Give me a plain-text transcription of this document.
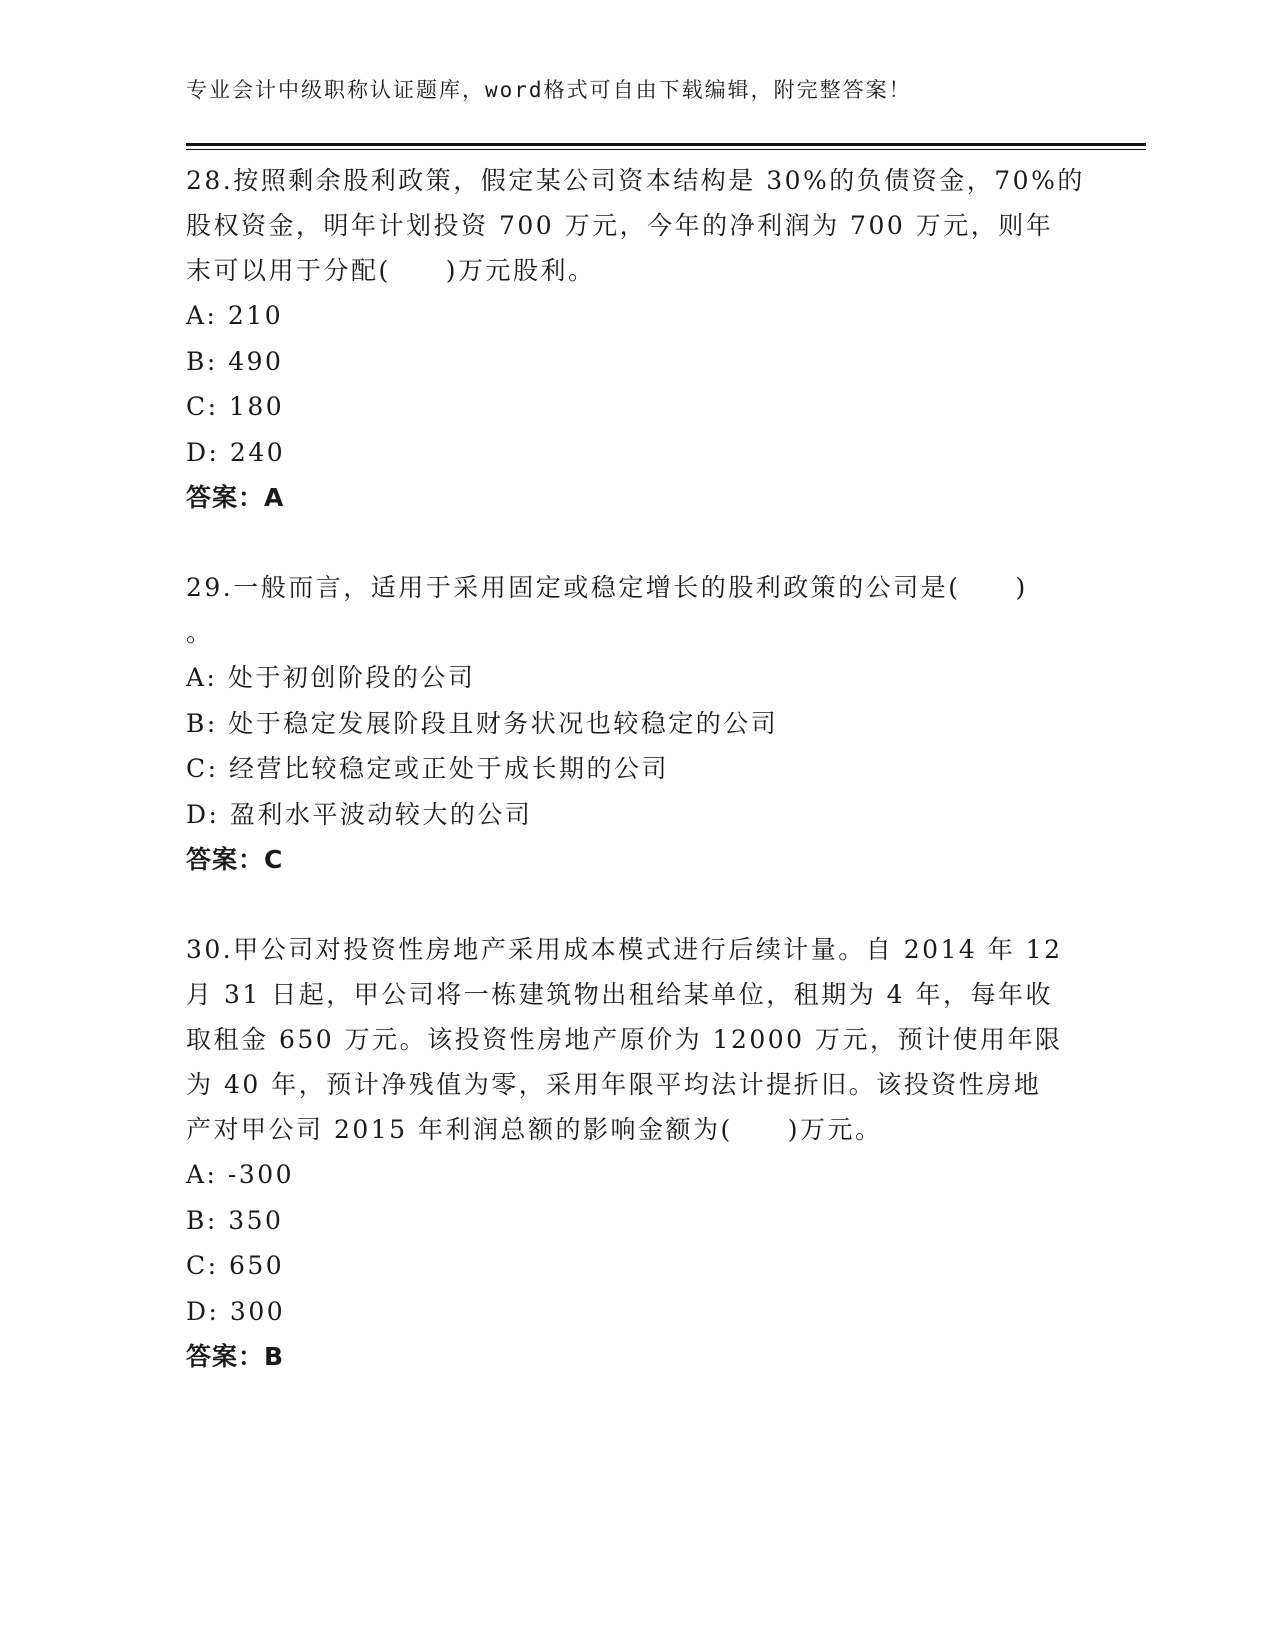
专业会计中级职称认证题库，word格式可自由下载编辑，附完整答案！

28.按照剩余股利政策，假定某公司资本结构是 30%的负债资金，70%的

股权资金，明年计划投资 700 万元，今年的净利润为 700 万元，则年

末可以用于分配(　　)万元股利。

A: 210

B: 490

C: 180

D: 240

答案：A

29.一般而言，适用于采用固定或稳定增长的股利政策的公司是(　　)

。

A: 处于初创阶段的公司

B: 处于稳定发展阶段且财务状况也较稳定的公司

C: 经营比较稳定或正处于成长期的公司

D: 盈利水平波动较大的公司

答案：C

30.甲公司对投资性房地产采用成本模式进行后续计量。自 2014 年 12

月 31 日起，甲公司将一栋建筑物出租给某单位，租期为 4 年，每年收

取租金 650 万元。该投资性房地产原价为 12000 万元，预计使用年限

为 40 年，预计净残值为零，采用年限平均法计提折旧。该投资性房地

产对甲公司 2015 年利润总额的影响金额为(　　)万元。

A: -300

B: 350

C: 650

D: 300

答案：B
